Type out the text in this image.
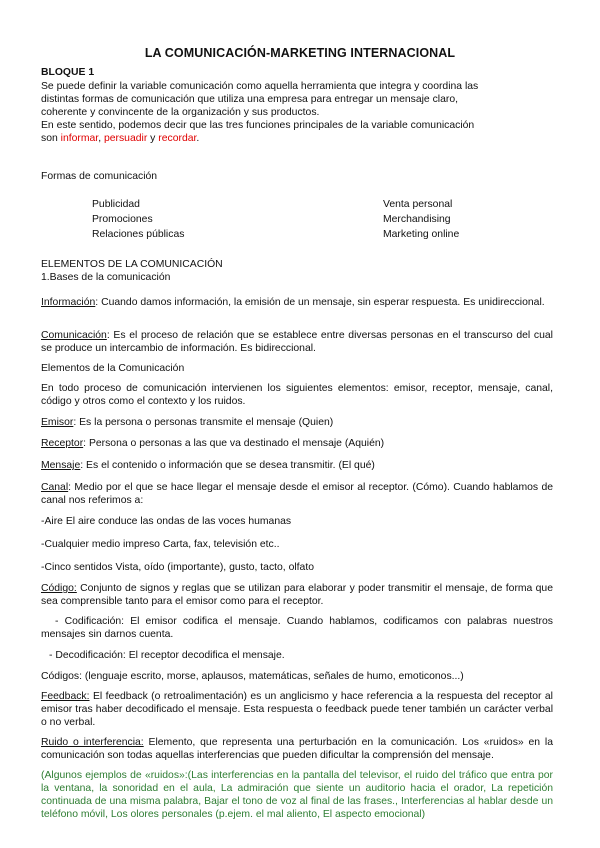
LA COMUNICACIÓN-MARKETING INTERNACIONAL
BLOQUE 1
Se puede definir la variable comunicación como aquella herramienta que integra y coordina las
distintas formas de comunicación que utiliza una empresa para entregar un mensaje claro,
coherente y convincente de la organización y sus productos.
En este sentido, podemos decir que las tres funciones principales de la variable comunicación
son informar, persuadir y recordar.
Formas de comunicación
Publicidad
Promociones
Relaciones públicas
Venta personal
Merchandising
Marketing online
ELEMENTOS DE LA COMUNICACIÓN
1.Bases de la comunicación

Información: Cuando damos información, la emisión de un mensaje, sin esperar respuesta. Es unidireccional.

Comunicación: Es el proceso de relación que se establece entre diversas personas en el transcurso del cual se produce un intercambio de información. Es bidireccional.

Elementos de la Comunicación

En todo proceso de comunicación intervienen los siguientes elementos: emisor, receptor, mensaje, canal, código y otros como el contexto y los ruidos.

Emisor: Es la persona o personas transmite el mensaje (Quien)

Receptor: Persona o personas a las que va destinado el mensaje (Aquién)

Mensaje: Es el contenido o información que se desea transmitir. (El qué)

Canal: Medio por el que se hace llegar el mensaje desde el emisor al receptor. (Cómo). Cuando hablamos de canal nos referimos a:

-Aire El aire conduce las ondas de las voces humanas

-Cualquier medio impreso Carta, fax, televisión etc..

-Cinco sentidos Vista, oído (importante), gusto, tacto, olfato

Código: Conjunto de signos y reglas que se utilizan para elaborar y poder transmitir el mensaje, de forma que sea comprensible tanto para el emisor como para el receptor.

- Codificación: El emisor codifica el mensaje. Cuando hablamos, codificamos con palabras nuestros mensajes sin darnos cuenta.

- Decodificación: El receptor decodifica el mensaje.

Códigos: (lenguaje escrito, morse, aplausos, matemáticas, señales de humo, emoticonos...)

Feedback: El feedback (o retroalimentación) es un anglicismo y hace referencia a la respuesta del receptor al emisor tras haber decodificado el mensaje. Esta respuesta o feedback puede tener también un carácter verbal o no verbal.

Ruido o interferencia: Elemento, que representa una perturbación en la comunicación. Los «ruidos» en la comunicación son todas aquellas interferencias que pueden dificultar la comprensión del mensaje.

(Algunos ejemplos de «ruidos»:(Las interferencias en la pantalla del televisor, el ruido del tráfico que entra por la ventana, la sonoridad en el aula, La admiración que siente un auditorio hacia el orador, La repetición continuada de una misma palabra, Bajar el tono de voz al final de las frases., Interferencias al hablar desde un teléfono móvil, Los olores personales (p.ejem. el mal aliento, El aspecto emocional)
